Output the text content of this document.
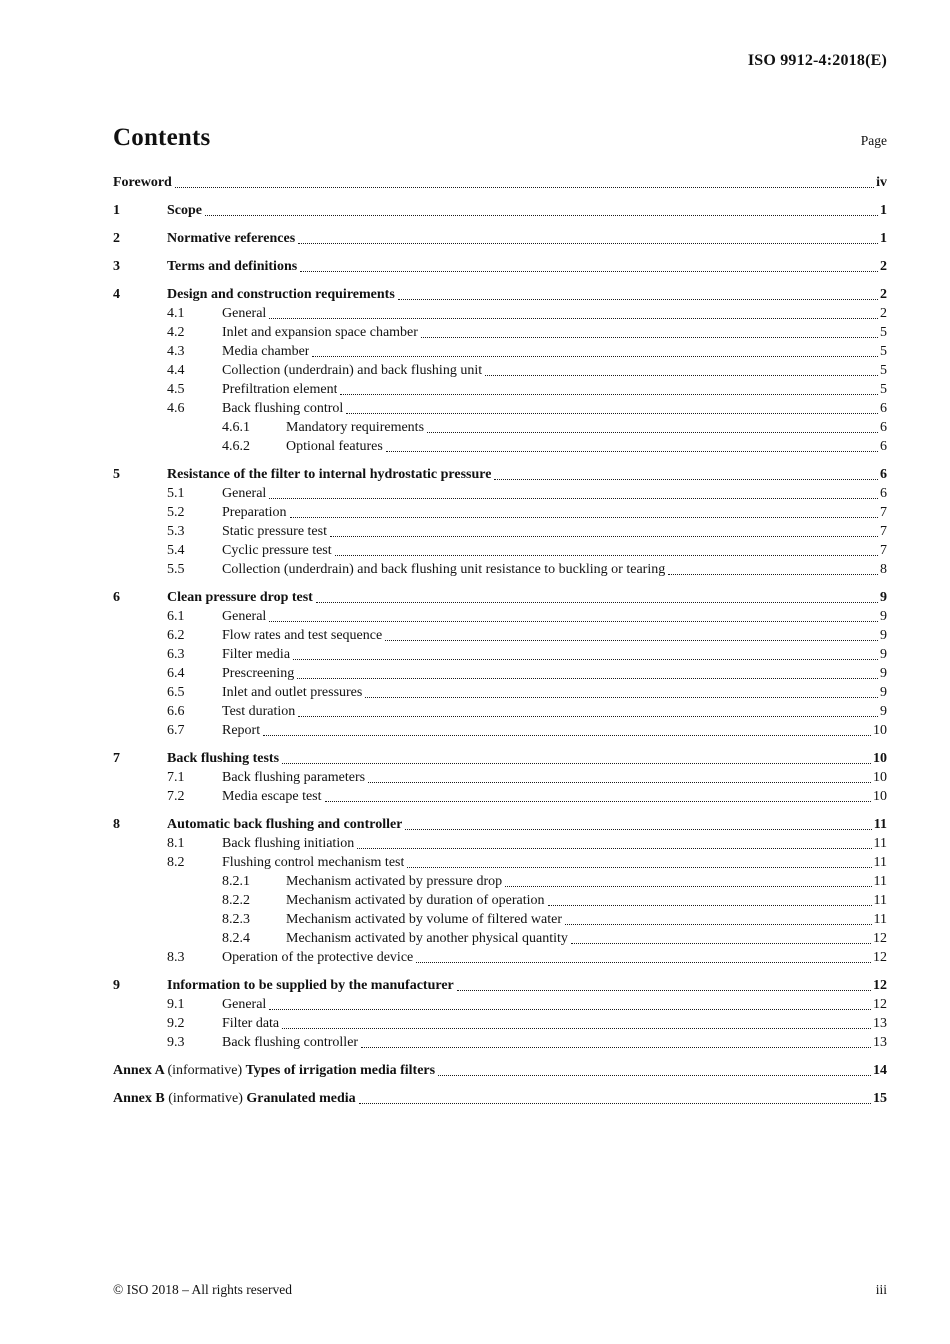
ISO 9912-4:2018(E)
Contents	Page
Foreword	iv
1	Scope	1
2	Normative references	1
3	Terms and definitions	2
4	Design and construction requirements	2
4.1	General	2
4.2	Inlet and expansion space chamber	5
4.3	Media chamber	5
4.4	Collection (underdrain) and back flushing unit	5
4.5	Prefiltration element	5
4.6	Back flushing control	6
4.6.1	Mandatory requirements	6
4.6.2	Optional features	6
5	Resistance of the filter to internal hydrostatic pressure	6
5.1	General	6
5.2	Preparation	7
5.3	Static pressure test	7
5.4	Cyclic pressure test	7
5.5	Collection (underdrain) and back flushing unit resistance to buckling or tearing	8
6	Clean pressure drop test	9
6.1	General	9
6.2	Flow rates and test sequence	9
6.3	Filter media	9
6.4	Prescreening	9
6.5	Inlet and outlet pressures	9
6.6	Test duration	9
6.7	Report	10
7	Back flushing tests	10
7.1	Back flushing parameters	10
7.2	Media escape test	10
8	Automatic back flushing and controller	11
8.1	Back flushing initiation	11
8.2	Flushing control mechanism test	11
8.2.1	Mechanism activated by pressure drop	11
8.2.2	Mechanism activated by duration of operation	11
8.2.3	Mechanism activated by volume of filtered water	11
8.2.4	Mechanism activated by another physical quantity	12
8.3	Operation of the protective device	12
9	Information to be supplied by the manufacturer	12
9.1	General	12
9.2	Filter data	13
9.3	Back flushing controller	13
Annex A (informative) Types of irrigation media filters	14
Annex B (informative) Granulated media	15
© ISO 2018 – All rights reserved	iii
